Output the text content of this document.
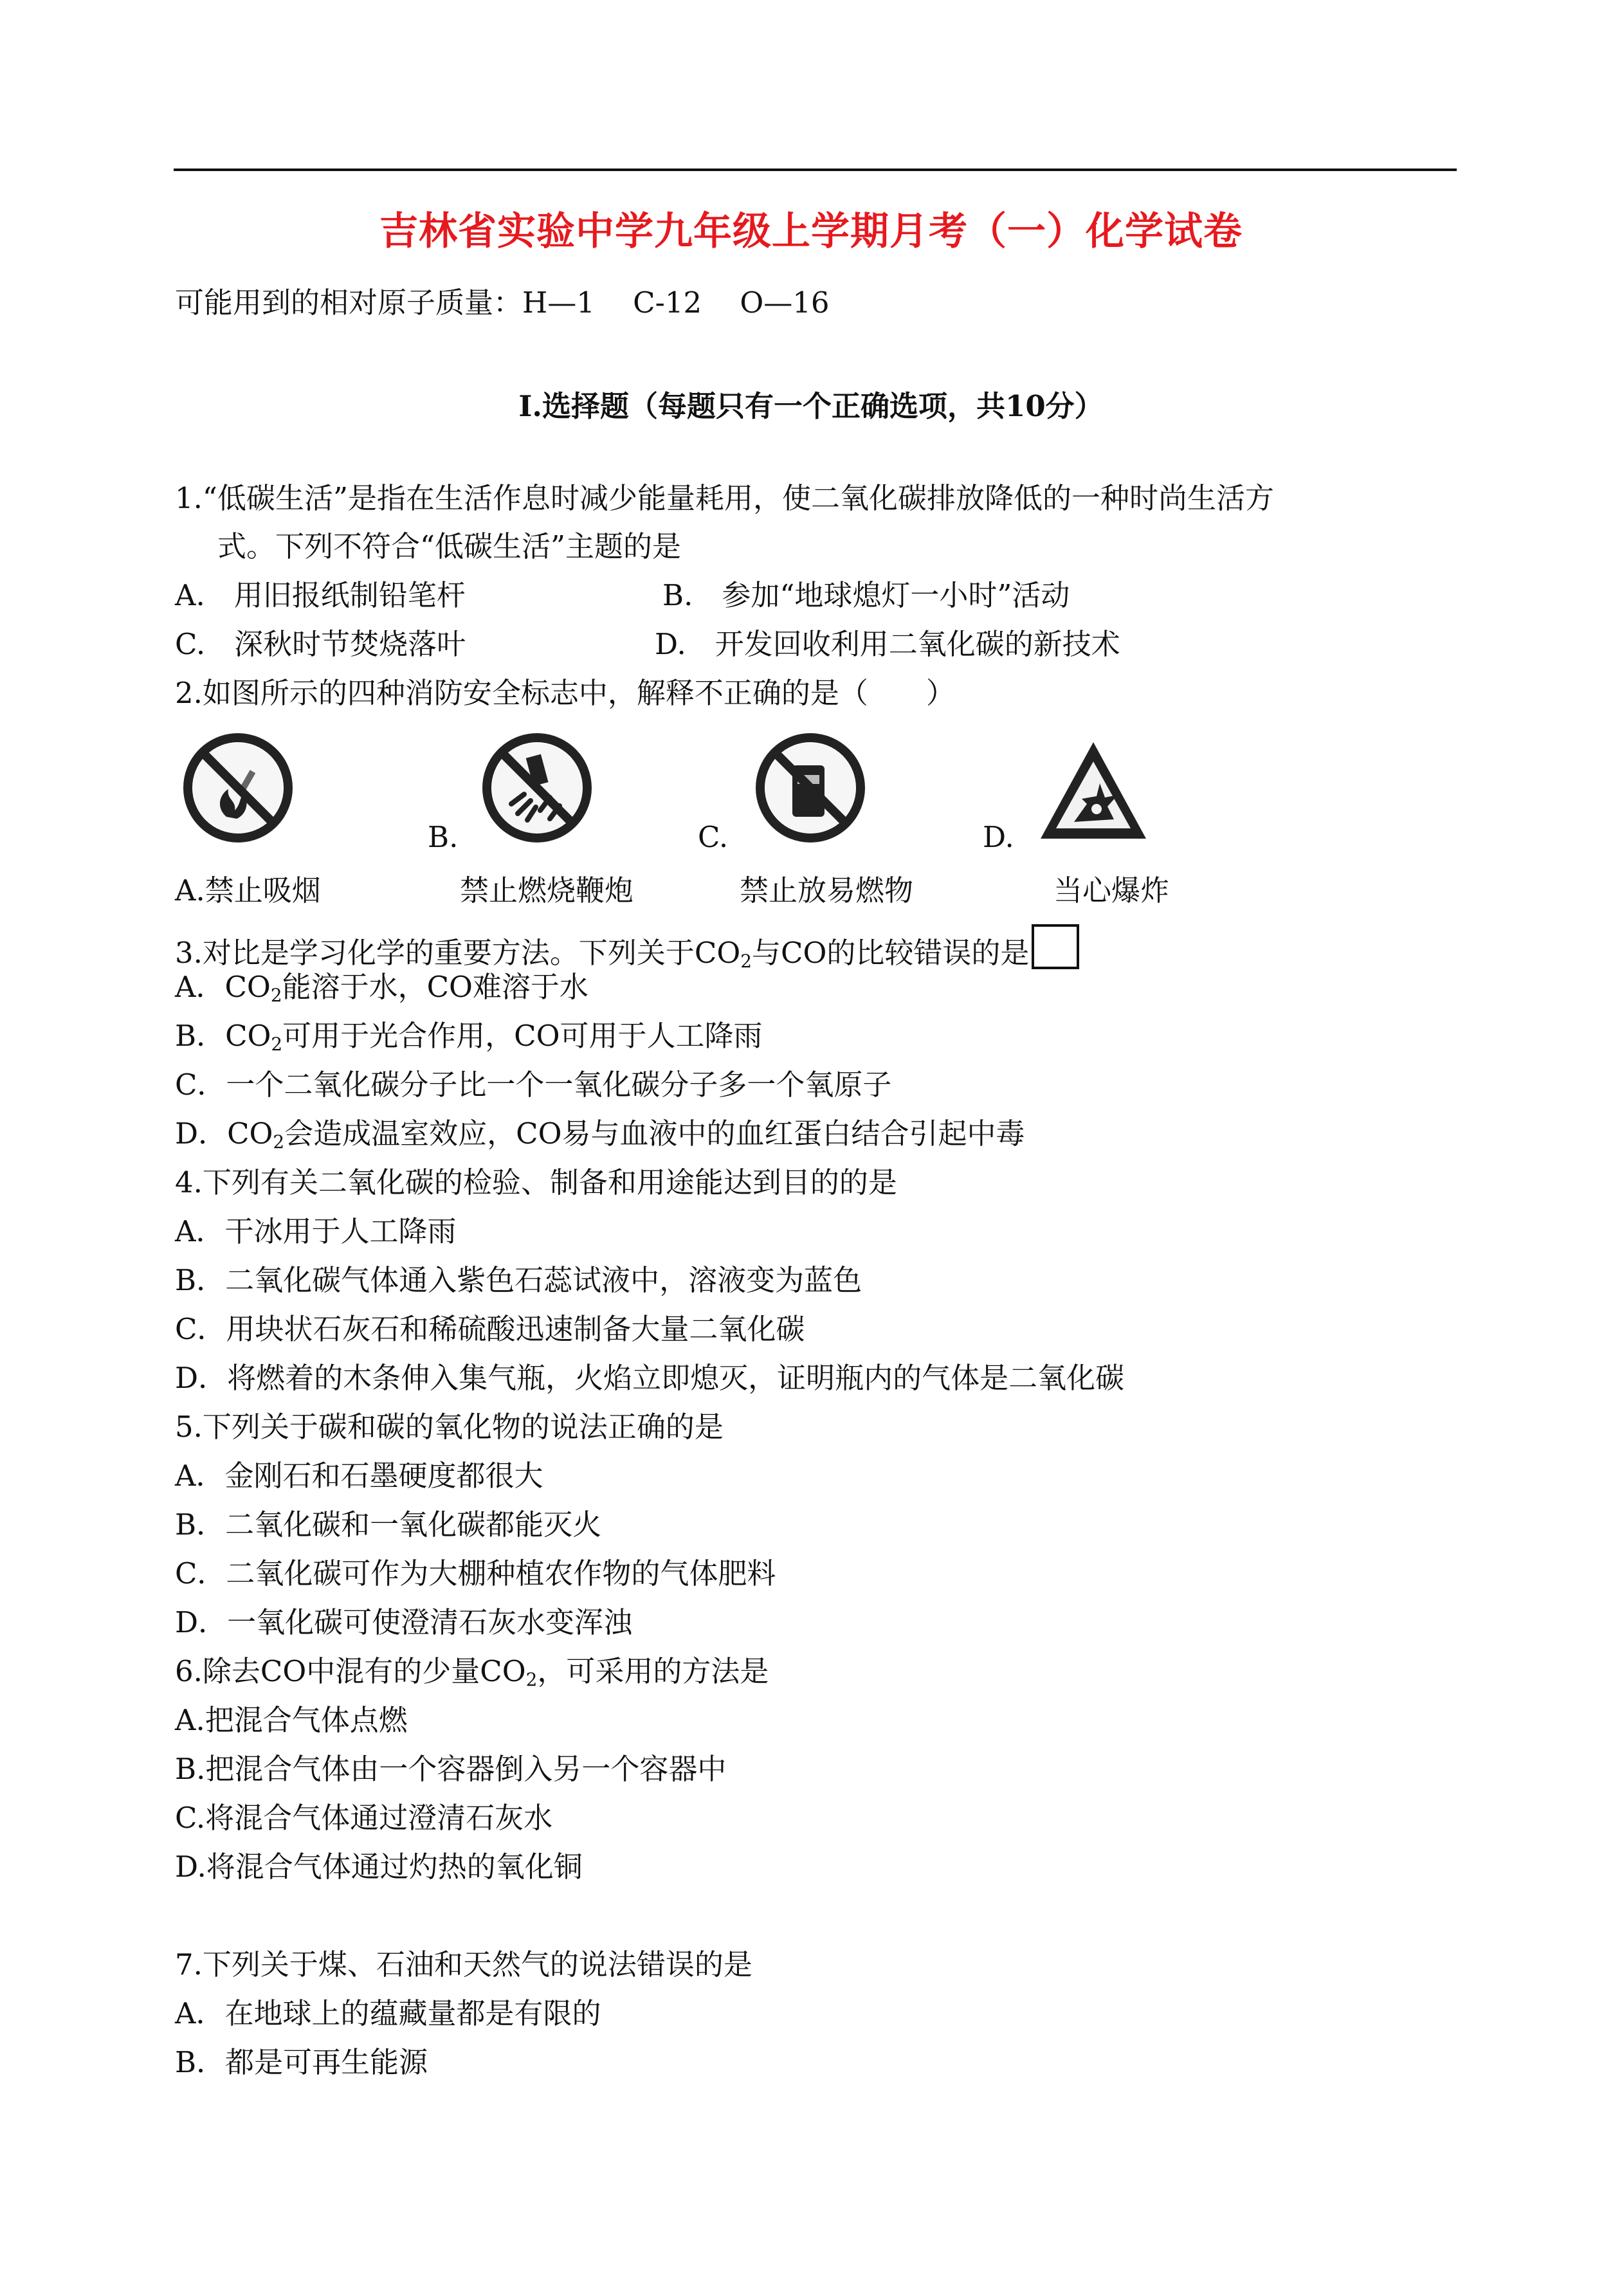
吉林省实验中学九年级上学期月考（一）化学试卷
可能用到的相对原子质量：H—1　 C-12　 O—16
I.选择题（每题只有一个正确选项，共10分）
1.“低碳生活”是指在生活作息时减少能量耗用，使二氧化碳排放降低的一种时尚生活方
式。下列不符合“低碳生活”主题的是
A.　用旧报纸制铅笔杆	B.　参加“地球熄灯一小时”活动
C.　深秋时节焚烧落叶	D.　开发回收利用二氧化碳的新技术
2.如图所示的四种消防安全标志中，解释不正确的是（　　）
B.	C.	D.
A.禁止吸烟	禁止燃烧鞭炮	禁止放易燃物	当心爆炸
3.对比是学习化学的重要方法。下列关于$CO_2$与CO的比较错误的是
A．$CO_2$能溶于水，CO难溶于水
B．$CO_2$可用于光合作用，CO可用于人工降雨
C．一个二氧化碳分子比一个一氧化碳分子多一个氧原子
D．$CO_2$会造成温室效应，CO易与血液中的血红蛋白结合引起中毒
4.下列有关二氧化碳的检验、制备和用途能达到目的的是
A．干冰用于人工降雨
B．二氧化碳气体通入紫色石蕊试液中，溶液变为蓝色
C．用块状石灰石和稀硫酸迅速制备大量二氧化碳
D．将燃着的木条伸入集气瓶，火焰立即熄灭，证明瓶内的气体是二氧化碳
5.下列关于碳和碳的氧化物的说法正确的是
A．金刚石和石墨硬度都很大
B．二氧化碳和一氧化碳都能灭火
C．二氧化碳可作为大棚种植农作物的气体肥料
D．一氧化碳可使澄清石灰水变浑浊
6.除去CO中混有的少量$CO_2$，可采用的方法是
A.把混合气体点燃
B.把混合气体由一个容器倒入另一个容器中
C.将混合气体通过澄清石灰水
D.将混合气体通过灼热的氧化铜
7.下列关于煤、石油和天然气的说法错误的是
A．在地球上的蕴藏量都是有限的
B．都是可再生能源
